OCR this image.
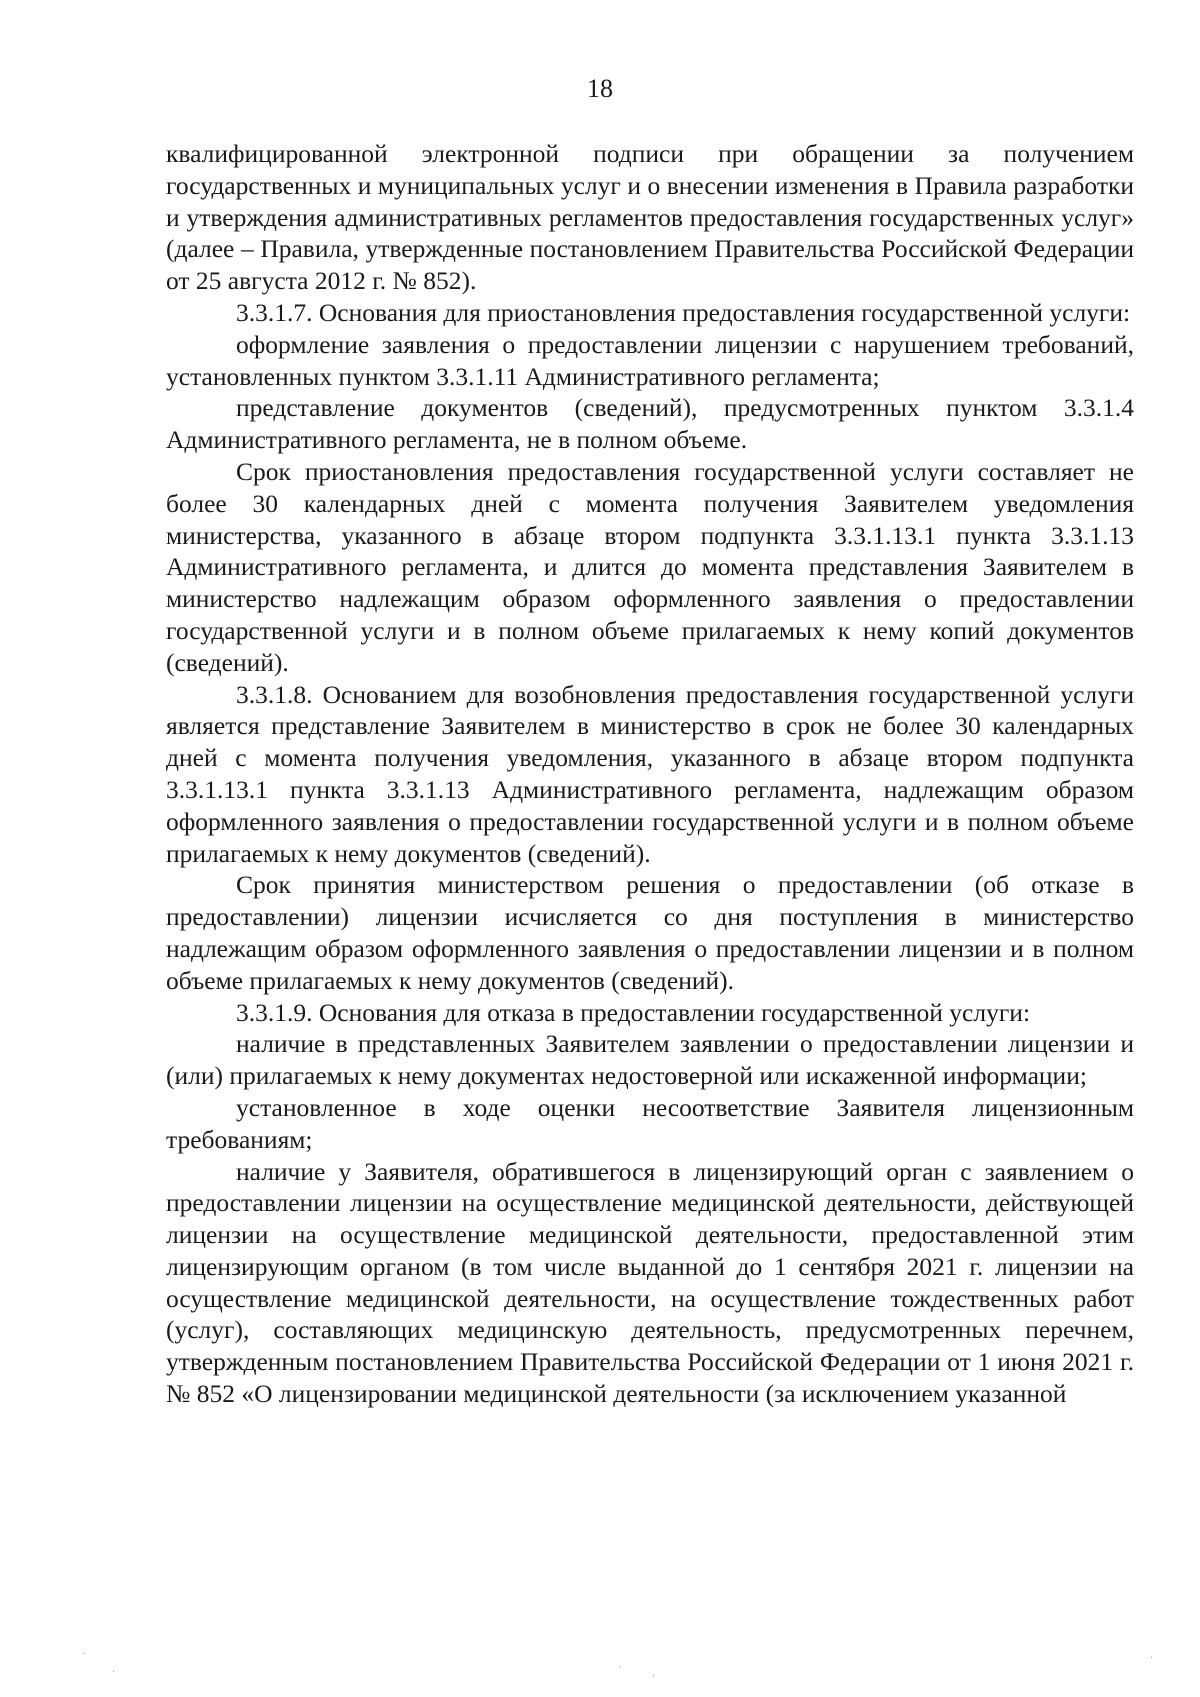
18

квалифицированной электронной подписи при обращении за получением государственных и муниципальных услуг и о внесении изменения в Правила разработки и утверждения административных регламентов предоставления государственных услуг» (далее – Правила, утвержденные постановлением Правительства Российской Федерации от 25 августа 2012 г. № 852).

3.3.1.7. Основания для приостановления предоставления государственной услуги:

оформление заявления о предоставлении лицензии с нарушением требований, установленных пунктом 3.3.1.11 Административного регламента;

представление документов (сведений), предусмотренных пунктом 3.3.1.4 Административного регламента, не в полном объеме.

Срок приостановления предоставления государственной услуги составляет не более 30 календарных дней с момента получения Заявителем уведомления министерства, указанного в абзаце втором подпункта 3.3.1.13.1 пункта 3.3.1.13 Административного регламента, и длится до момента представления Заявителем в министерство надлежащим образом оформленного заявления о предоставлении государственной услуги и в полном объеме прилагаемых к нему копий документов (сведений).

3.3.1.8. Основанием для возобновления предоставления государственной услуги является представление Заявителем в министерство в срок не более 30 календарных дней с момента получения уведомления, указанного в абзаце втором подпункта 3.3.1.13.1 пункта 3.3.1.13 Административного регламента, надлежащим образом оформленного заявления о предоставлении государственной услуги и в полном объеме прилагаемых к нему документов (сведений).

Срок принятия министерством решения о предоставлении (об отказе в предоставлении) лицензии исчисляется со дня поступления в министерство надлежащим образом оформленного заявления о предоставлении лицензии и в полном объеме прилагаемых к нему документов (сведений).

3.3.1.9. Основания для отказа в предоставлении государственной услуги:

наличие в представленных Заявителем заявлении о предоставлении лицензии и (или) прилагаемых к нему документах недостоверной или искаженной информации;

установленное в ходе оценки несоответствие Заявителя лицензионным требованиям;

наличие у Заявителя, обратившегося в лицензирующий орган с заявлением о предоставлении лицензии на осуществление медицинской деятельности, действующей лицензии на осуществление медицинской деятельности, предоставленной этим лицензирующим органом (в том числе выданной до 1 сентября 2021 г. лицензии на осуществление медицинской деятельности, на осуществление тождественных работ (услуг), составляющих медицинскую деятельность, предусмотренных перечнем, утвержденным постановлением Правительства Российской Федерации от 1 июня 2021 г. № 852 «О лицензировании медицинской деятельности (за исключением указанной

·
·	·
·
·
